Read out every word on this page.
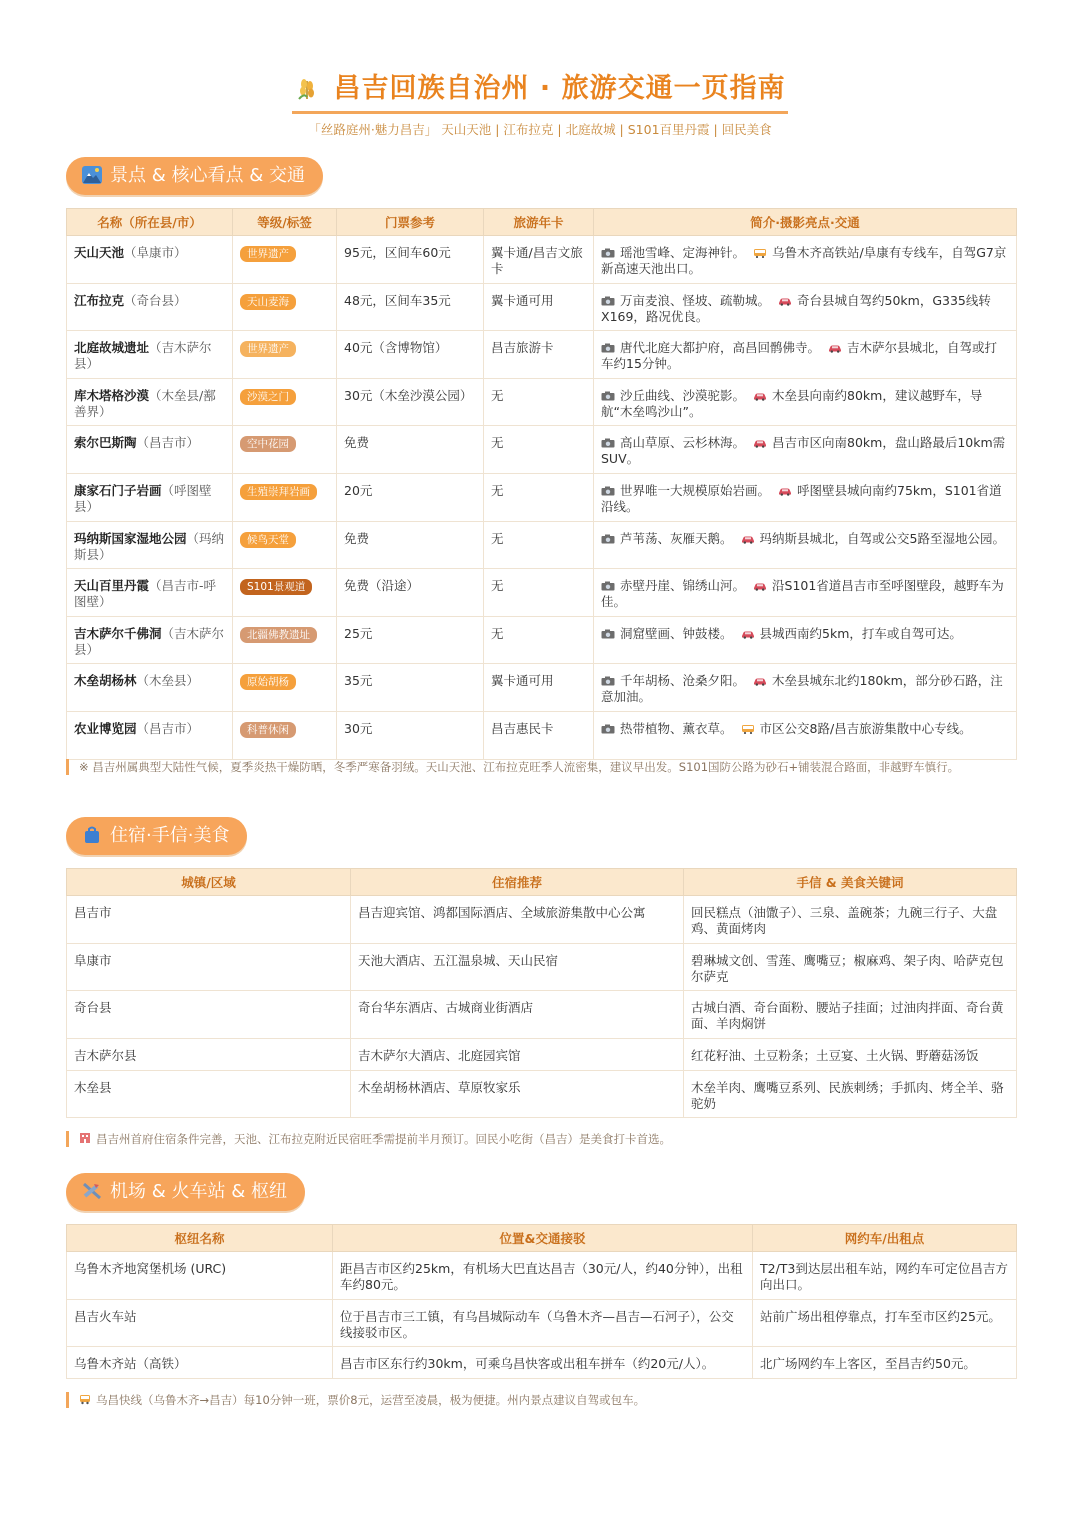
昌吉回族自治州 · 旅游交通一页指南
「丝路庭州·魅力昌吉」 天山天池 | 江布拉克 | 北庭故城 | S101百里丹霞 | 回民美食
景点 & 核心看点 & 交通
名称（所在县/市）	等级/标签	门票参考	旅游年卡	简介·摄影亮点·交通
天山天池（阜康市）	世界遗产	95元，区间车60元	翼卡通/昌吉文旅卡	瑶池雪峰、定海神针。 乌鲁木齐高铁站/阜康有专线车，自驾G7京新高速天池出口。
江布拉克（奇台县）	天山麦海	48元，区间车35元	翼卡通可用	万亩麦浪、怪坡、疏勒城。 奇台县城自驾约50km，G335线转X169，路况优良。
北庭故城遗址（吉木萨尔县）	世界遗产	40元（含博物馆）	昌吉旅游卡	唐代北庭大都护府，高昌回鹘佛寺。 吉木萨尔县城北，自驾或打车约15分钟。
库木塔格沙漠（木垒县/鄯善界）	沙漠之门	30元（木垒沙漠公园）	无	沙丘曲线、沙漠驼影。 木垒县向南约80km，建议越野车，导航“木垒鸣沙山”。
索尔巴斯陶（昌吉市）	空中花园	免费	无	高山草原、云杉林海。 昌吉市区向南80km，盘山路最后10km需SUV。
康家石门子岩画（呼图壁县）	生殖崇拜岩画	20元	无	世界唯一大规模原始岩画。 呼图壁县城向南约75km，S101省道沿线。
玛纳斯国家湿地公园（玛纳斯县）	候鸟天堂	免费	无	芦苇荡、灰雁天鹅。 玛纳斯县城北，自驾或公交5路至湿地公园。
天山百里丹霞（昌吉市-呼图壁）	S101景观道	免费（沿途）	无	赤壁丹崖、锦绣山河。 沿S101省道昌吉市至呼图壁段，越野车为佳。
吉木萨尔千佛洞（吉木萨尔县）	北疆佛教遗址	25元	无	洞窟壁画、钟鼓楼。 县城西南约5km，打车或自驾可达。
木垒胡杨林（木垒县）	原始胡杨	35元	翼卡通可用	千年胡杨、沧桑夕阳。 木垒县城东北约180km，部分砂石路，注意加油。
农业博览园（昌吉市）	科普休闲	30元	昌吉惠民卡	热带植物、薰衣草。 市区公交8路/昌吉旅游集散中心专线。
※ 昌吉州属典型大陆性气候，夏季炎热干燥防晒，冬季严寒备羽绒。天山天池、江布拉克旺季人流密集，建议早出发。S101国防公路为砂石+铺装混合路面，非越野车慎行。
住宿·手信·美食
城镇/区域	住宿推荐	手信 & 美食关键词
昌吉市	昌吉迎宾馆、鸿都国际酒店、全域旅游集散中心公寓	回民糕点（油馓子）、三泉、盖碗茶；九碗三行子、大盘鸡、黄面烤肉
阜康市	天池大酒店、五江温泉城、天山民宿	碧琳城文创、雪莲、鹰嘴豆；椒麻鸡、架子肉、哈萨克包尔萨克
奇台县	奇台华东酒店、古城商业街酒店	古城白酒、奇台面粉、腰站子挂面；过油肉拌面、奇台黄面、羊肉焖饼
吉木萨尔县	吉木萨尔大酒店、北庭园宾馆	红花籽油、土豆粉条；土豆宴、土火锅、野蘑菇汤饭
木垒县	木垒胡杨林酒店、草原牧家乐	木垒羊肉、鹰嘴豆系列、民族刺绣；手抓肉、烤全羊、骆驼奶
昌吉州首府住宿条件完善，天池、江布拉克附近民宿旺季需提前半月预订。回民小吃街（昌吉）是美食打卡首选。
机场 & 火车站 & 枢纽
枢纽名称	位置&交通接驳	网约车/出租点
乌鲁木齐地窝堡机场 (URC)	距昌吉市区约25km，有机场大巴直达昌吉（30元/人，约40分钟），出租车约80元。	T2/T3到达层出租车站，网约车可定位昌吉方向出口。
昌吉火车站	位于昌吉市三工镇，有乌昌城际动车（乌鲁木齐—昌吉—石河子），公交线接驳市区。	站前广场出租停靠点，打车至市区约25元。
乌鲁木齐站（高铁）	昌吉市区东行约30km，可乘乌昌快客或出租车拼车（约20元/人）。	北广场网约车上客区，至昌吉约50元。
乌昌快线（乌鲁木齐→昌吉）每10分钟一班，票价8元，运营至凌晨，极为便捷。州内景点建议自驾或包车。
